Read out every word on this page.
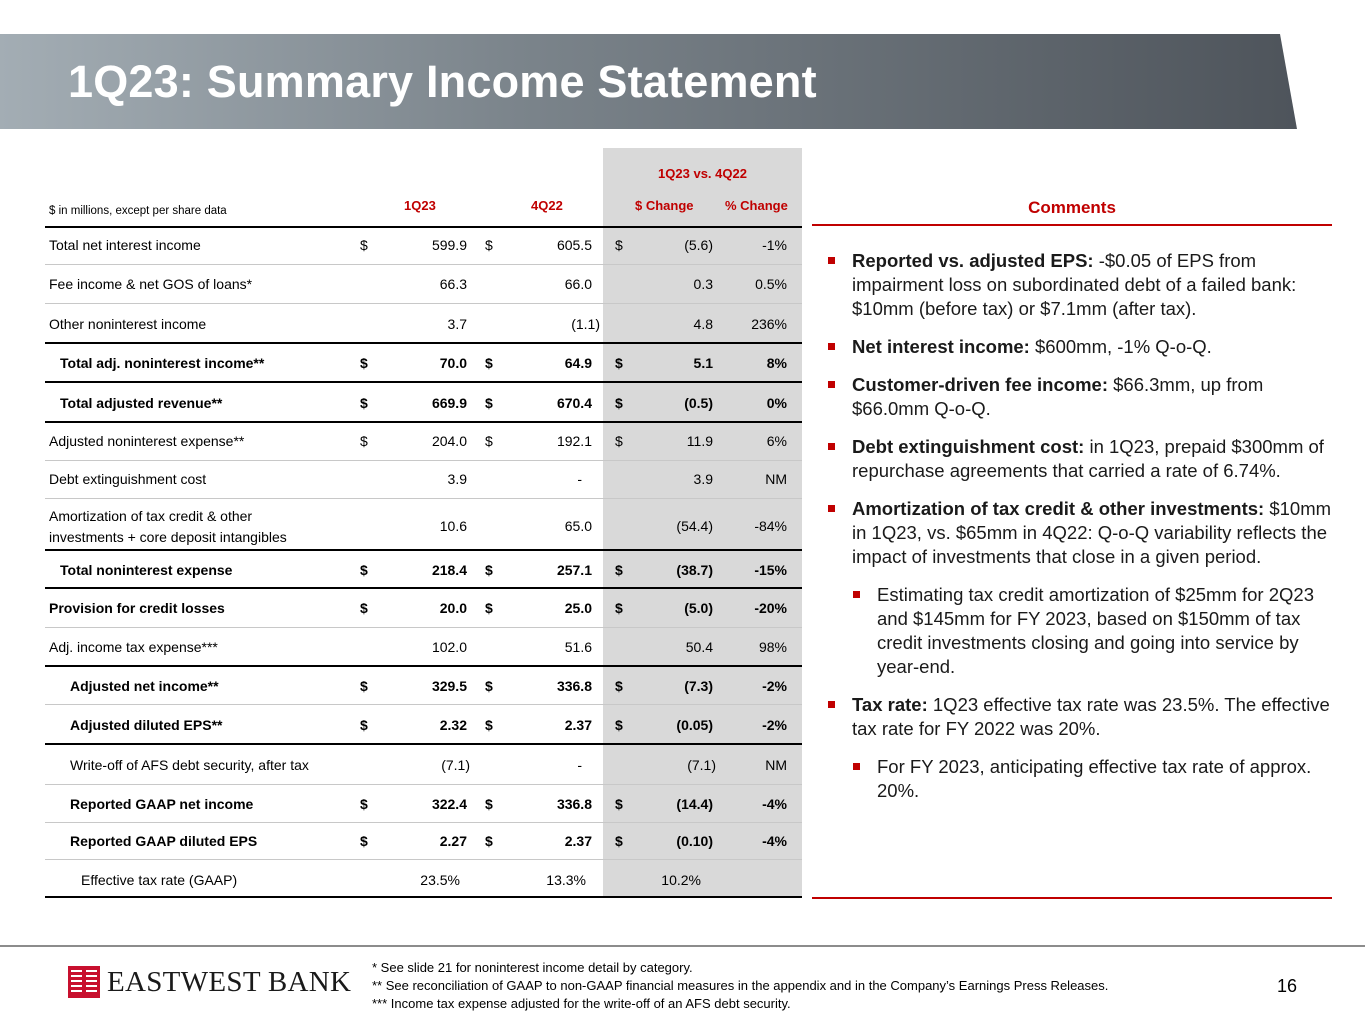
1Q23: Summary Income Statement
1Q23 vs. 4Q22
$ in millions, except per share data	1Q23	4Q22	$ Change % Change
Total net interest income	$	599.9 $	605.5 $	(5.6)	-1%
Fee income & net GOS of loans*	66.3	66.0	0.3	0.5%
Other noninterest income	3.7	(1.1)	4.8	236%
Total adj. noninterest income**	$	70.0 $	64.9 $	5.1	8%
Total adjusted revenue**	$	669.9 $	670.4 $	(0.5)	0%
Adjusted noninterest expense**	$	204.0 $	192.1 $	11.9	6%
Debt extinguishment cost	3.9	-	3.9	NM
Amortization of tax credit & other
investments + core deposit intangibles
10.6	65.0	(54.4)	-84%
Total noninterest expense	$	218.4 $	257.1 $	(38.7)	-15%
Provision for credit losses	$	20.0 $	25.0 $	(5.0)	-20%
Adj. income tax expense***	102.0	51.6	50.4	98%
Adjusted net income**	$	329.5 $	336.8 $	(7.3)	-2%
Adjusted diluted EPS**	$	2.32 $	2.37 $	(0.05)	-2%
Write-off of AFS debt security, after tax	(7.1)	-	(7.1)	NM
Reported GAAP net income	$	322.4 $	336.8 $	(14.4)	-4%
Reported GAAP diluted EPS	$	2.27 $	2.37 $	(0.10)	-4%
Effective tax rate (GAAP)	23.5%	13.3%	10.2%
Comments
Reported vs. adjusted EPS: -$0.05 of EPS from impairment loss on subordinated debt of a failed bank: $10mm (before tax) or $7.1mm (after tax).
Net interest income: $600mm, -1% Q-o-Q.
Customer-driven fee income: $66.3mm, up from $66.0mm Q-o-Q.
Debt extinguishment cost: in 1Q23, prepaid $300mm of repurchase agreements that carried a rate of 6.74%.
Amortization of tax credit & other investments: $10mm in 1Q23, vs. $65mm in 4Q22: Q-o-Q variability reflects the impact of investments that close in a given period.
Estimating tax credit amortization of $25mm for 2Q23 and $145mm for FY 2023, based on $150mm of tax credit investments closing and going into service by year-end.
Tax rate: 1Q23 effective tax rate was 23.5%. The effective tax rate for FY 2022 was 20%.
For FY 2023, anticipating effective tax rate of approx. 20%.
EASTWEST BANK * See slide 21 for noninterest income detail by category.
** See reconciliation of GAAP to non-GAAP financial measures in the appendix and in the Company’s Earnings Press Releases.
*** Income tax expense adjusted for the write-off of an AFS debt security.
16
